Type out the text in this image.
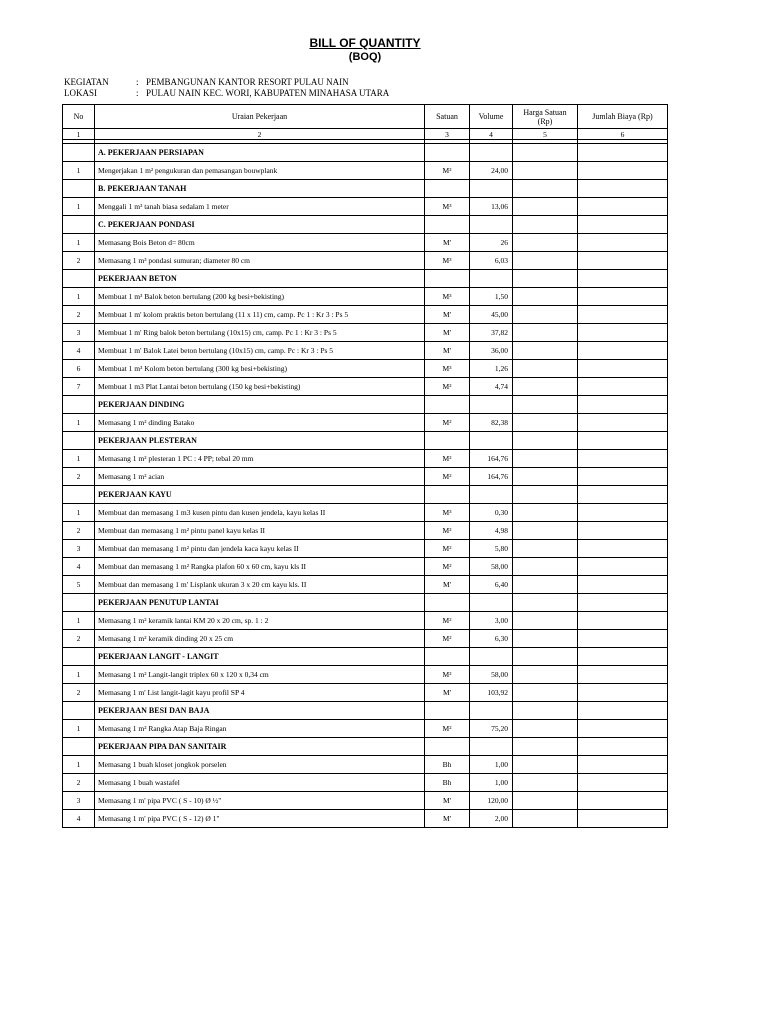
BILL OF QUANTITY
(BOQ)
KEGIATAN	: PEMBANGUNAN KANTOR RESORT PULAU NAIN
LOKASI	: PULAU NAIN KEC. WORI, KABUPATEN MINAHASA UTARA
No	Uraian Pekerjaan	Satuan	Volume	Harga Satuan (Rp)	Jumlah Biaya (Rp)
1	2	3	4	5	6

	A. PEKERJAAN PERSIAPAN				
1	Mengerjakan 1 m² pengukuran dan pemasangan bouwplank	M²	24,00		
	B. PEKERJAAN TANAH				
1	Menggali 1 m³ tanah biasa sedalam 1 meter	M³	13,06		
	C. PEKERJAAN PONDASI				
1	Memasang Bois Beton d= 80cm	M'	26		
2	Memasang 1 m³ pondasi sumuran; diameter 80 cm	M³	6,03		
	PEKERJAAN BETON				
1	Membuat 1 m³ Balok beton bertulang (200 kg besi+bekisting)	M³	1,50		
2	Membuat 1 m' kolom praktis beton bertulang (11 x 11) cm, camp. Pc 1 : Kr 3 : Ps 5	M'	45,00		
3	Membuat 1 m' Ring balok beton bertulang (10x15) cm, camp. Pc 1 : Kr 3 : Ps 5	M'	37,82		
4	Membuat 1 m' Balok Latei beton bertulang (10x15) cm, camp. Pc : Kr 3 : Ps 5	M'	36,00		
6	Membuat 1 m³ Kolom beton bertulang (300 kg besi+bekisting)	M³	1,26		
7	Membuat 1 m3 Plat Lantai beton bertulang (150 kg besi+bekisting)	M²	4,74		
	PEKERJAAN DINDING				
1	Memasang 1 m² dinding Batako	M²	82,38		
	PEKERJAAN PLESTERAN				
1	Memasang 1 m² plesteran 1 PC : 4 PP; tebal 20 mm	M²	164,76		
2	Memasang 1 m² acian	M²	164,76		
	PEKERJAAN KAYU				
1	Membuat dan memasang 1 m3 kusen pintu dan kusen jendela, kayu kelas II	M³	0,30		
2	Membuat dan memasang 1 m² pintu panel kayu kelas II	M²	4,98		
3	Membuat dan memasang 1 m² pintu dan jendela kaca kayu kelas II	M²	5,80		
4	Membuat dan memasang 1 m² Rangka plafon 60 x 60 cm, kayu kls II	M²	58,00		
5	Membuat dan memasang 1 m' Lisplank ukuran 3 x 20 cm kayu kls. II	M'	6,40		
	PEKERJAAN PENUTUP LANTAI				
1	Memasang 1 m² keramik lantai KM 20 x 20 cm, sp. 1 : 2	M²	3,00		
2	Memasang 1 m² keramik dinding 20 x 25 cm	M²	6,30		
	PEKERJAAN LANGIT - LANGIT				
1	Memasang 1 m² Langit-langit triplex 60 x 120 x 0,34 cm	M²	58,00		
2	Memasang 1 m' List langit-lagit kayu profil SP 4	M'	103,92		
	PEKERJAAN BESI DAN BAJA				
1	Memasang 1 m² Rangka Atap Baja Ringan	M²	75,20		
	PEKERJAAN PIPA DAN SANITAIR				
1	Memasang 1 buah kloset jongkok porselen	Bh	1,00		
2	Memasang 1 buah wastafel	Bh	1,00		
3	Memasang 1 m' pipa PVC ( S - 10) Ø ½"	M'	120,00		
4	Memasang 1 m' pipa PVC ( S - 12) Ø 1"	M'	2,00		
